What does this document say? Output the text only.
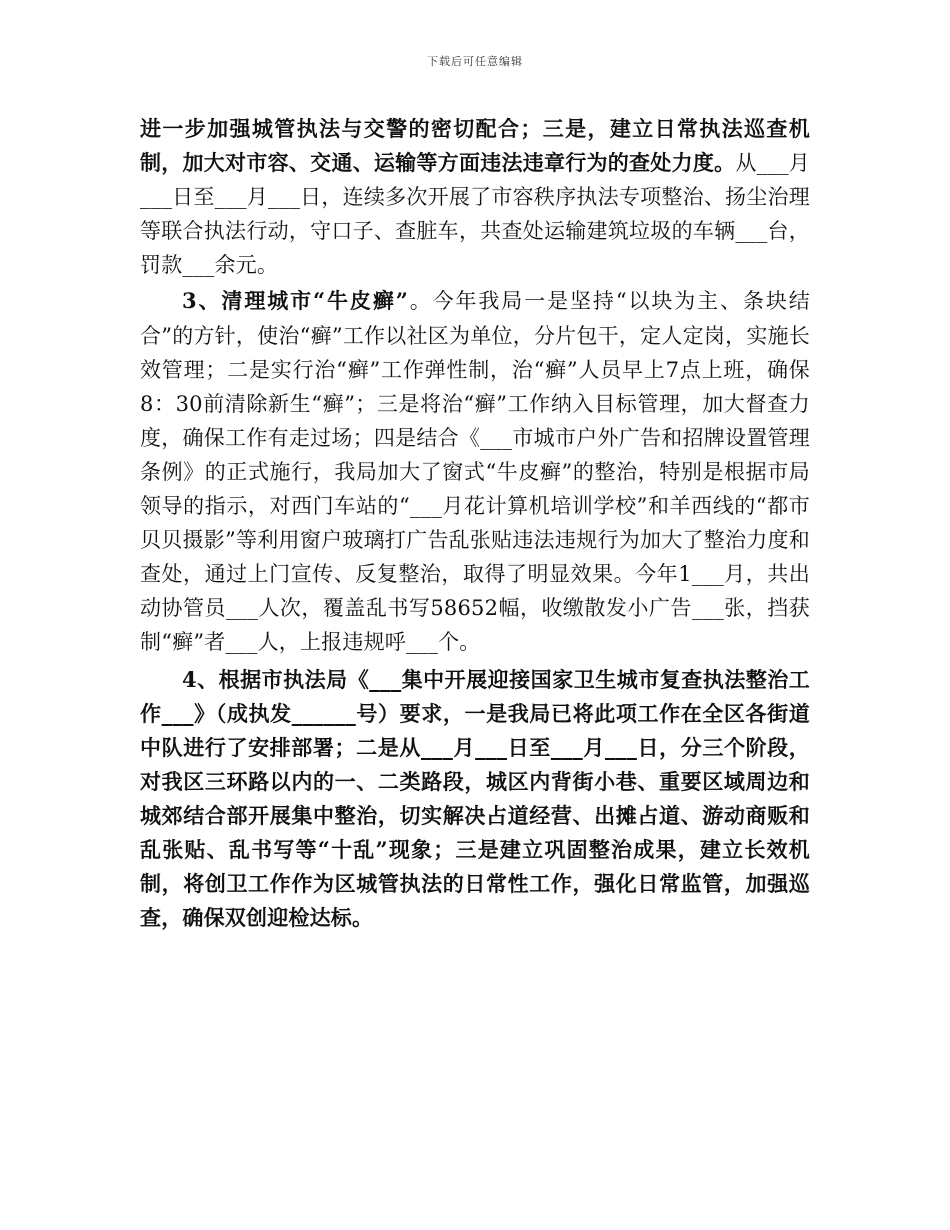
下载后可任意编辑

进一步加强城管执法与交警的密切配合；三是，建立日常执法巡查机制，加大对市容、交通、运输等方面违法违章行为的查处力度。从___月___日至___月___日，连续多次开展了市容秩序执法专项整治、扬尘治理等联合执法行动，守口子、查脏车，共查处运输建筑垃圾的车辆___台，罚款___余元。

3、清理城市“牛皮癣”。今年我局一是坚持“以块为主、条块结合”的方针，使治“癣”工作以社区为单位，分片包干，定人定岗，实施长效管理；二是实行治“癣”工作弹性制，治“癣”人员早上7点上班，确保8：30前清除新生“癣”；三是将治“癣”工作纳入目标管理，加大督查力度，确保工作有走过场；四是结合《___市城市户外广告和招牌设置管理条例》的正式施行，我局加大了窗式“牛皮癣”的整治，特别是根据市局领导的指示，对西门车站的“___月花计算机培训学校”和羊西线的“都市贝贝摄影”等利用窗户玻璃打广告乱张贴违法违规行为加大了整治力度和查处，通过上门宣传、反复整治，取得了明显效果。今年1___月，共出动协管员___人次，覆盖乱书写58652幅，收缴散发小广告___张，挡获制“癣”者___人，上报违规呼___个。

4、根据市执法局《___集中开展迎接国家卫生城市复查执法整治工作___》（成执发______号）要求，一是我局已将此项工作在全区各街道中队进行了安排部署；二是从___月___日至___月___日，分三个阶段，对我区三环路以内的一、二类路段，城区内背街小巷、重要区域周边和城郊结合部开展集中整治，切实解决占道经营、出摊占道、游动商贩和乱张贴、乱书写等“十乱”现象；三是建立巩固整治成果，建立长效机制，将创卫工作作为区城管执法的日常性工作，强化日常监管，加强巡查，确保双创迎检达标。
